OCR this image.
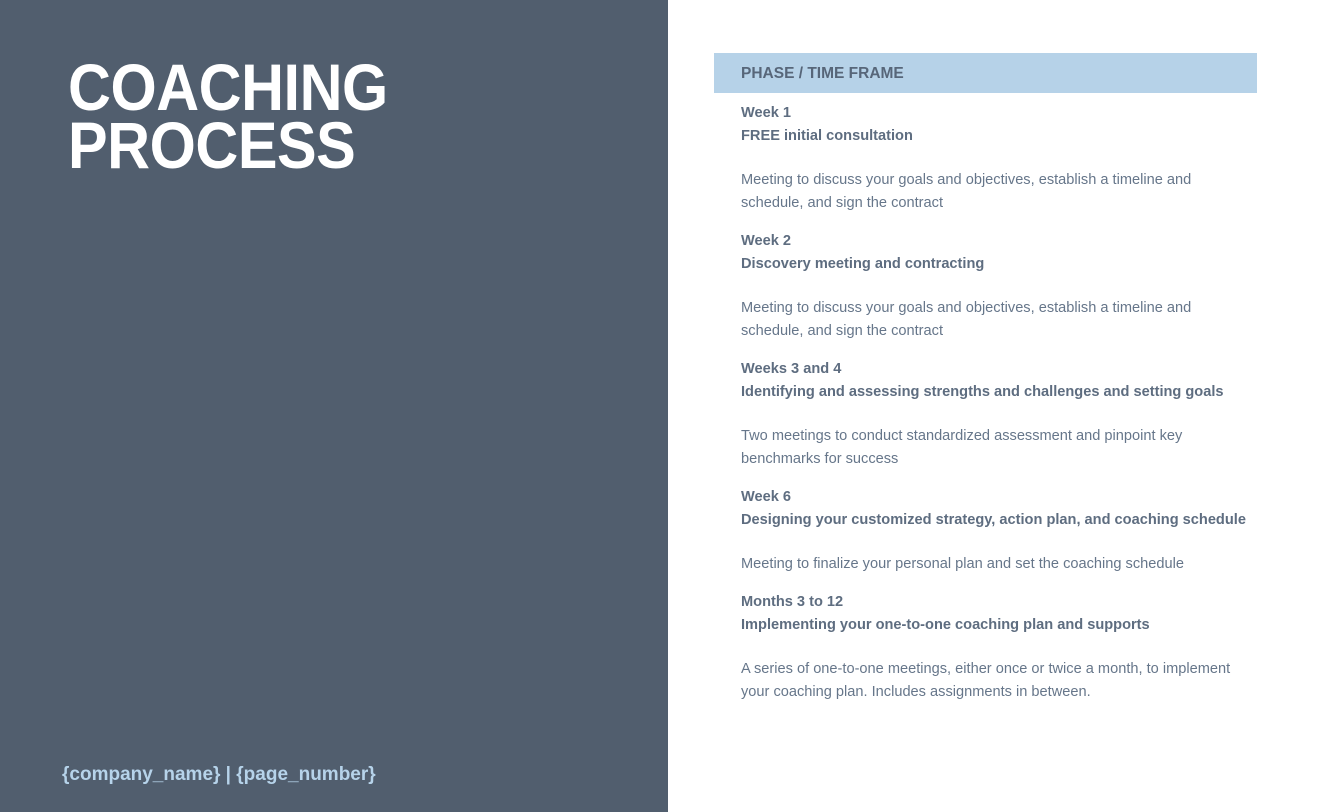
COACHING
PROCESS
{company_name} | {page_number}
PHASE / TIME FRAME
Week 1
FREE initial consultation
Meeting to discuss your goals and objectives, establish a timeline and schedule, and sign the contract
Week 2
Discovery meeting and contracting
Meeting to discuss your goals and objectives, establish a timeline and schedule, and sign the contract
Weeks 3 and 4
Identifying and assessing strengths and challenges and setting goals
Two meetings to conduct standardized assessment and pinpoint key benchmarks for success
Week 6
Designing your customized strategy, action plan, and coaching schedule
Meeting to finalize your personal plan and set the coaching schedule
Months 3 to 12
Implementing your one-to-one coaching plan and supports
A series of one-to-one meetings, either once or twice a month, to implement your coaching plan. Includes assignments in between.
